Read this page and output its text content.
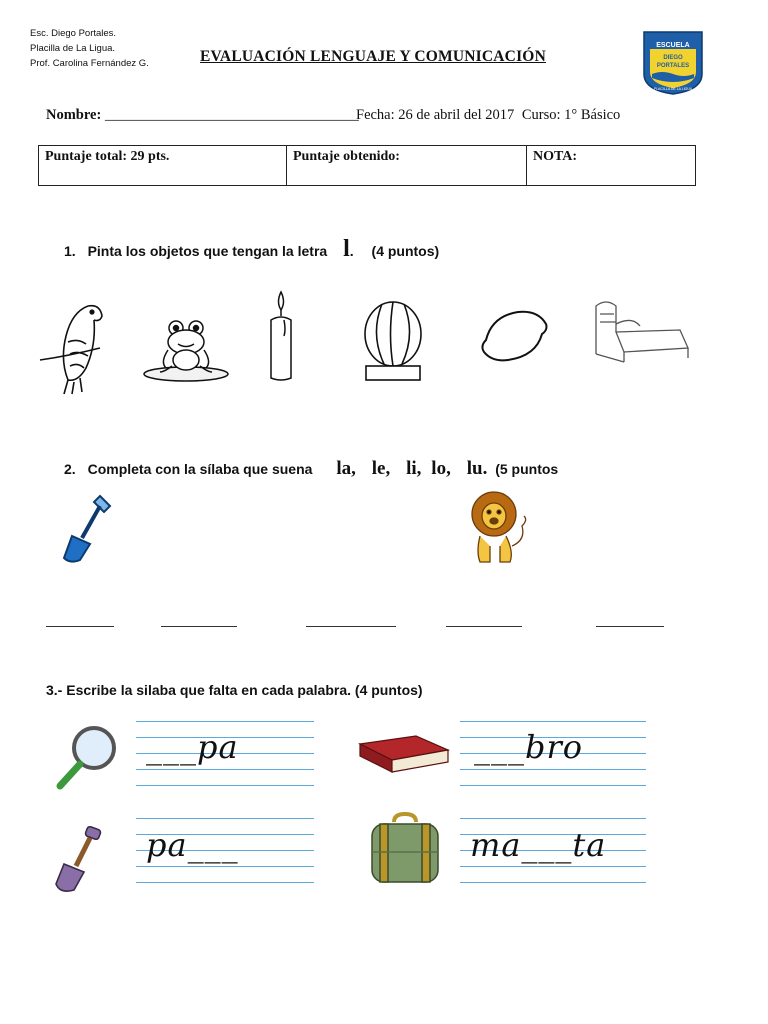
Esc. Diego Portales.
Placilla de La Ligua.
Prof. Carolina Fernández G.	EVALUACIÓN LENGUAJE Y COMUNICACIÓN
ESCUELA
DIEGO
PORTALES
PLACILLA DE LA LIGUA
Nombre: ___________________________________
Fecha: 26 de abril del 2017 Curso: 1° Básico
Puntaje total: 29 pts.	Puntaje obtenido:	NOTA:
1. Pinta los objetos que tengan la letra l. (4 puntos)
2. Completa con la sílaba que suena la, le, li, lo, lu. (5 puntos
3.- Escribe la silaba que falta en cada palabra. (4 puntos)
___pa	___bro
pa___	ma___ta
